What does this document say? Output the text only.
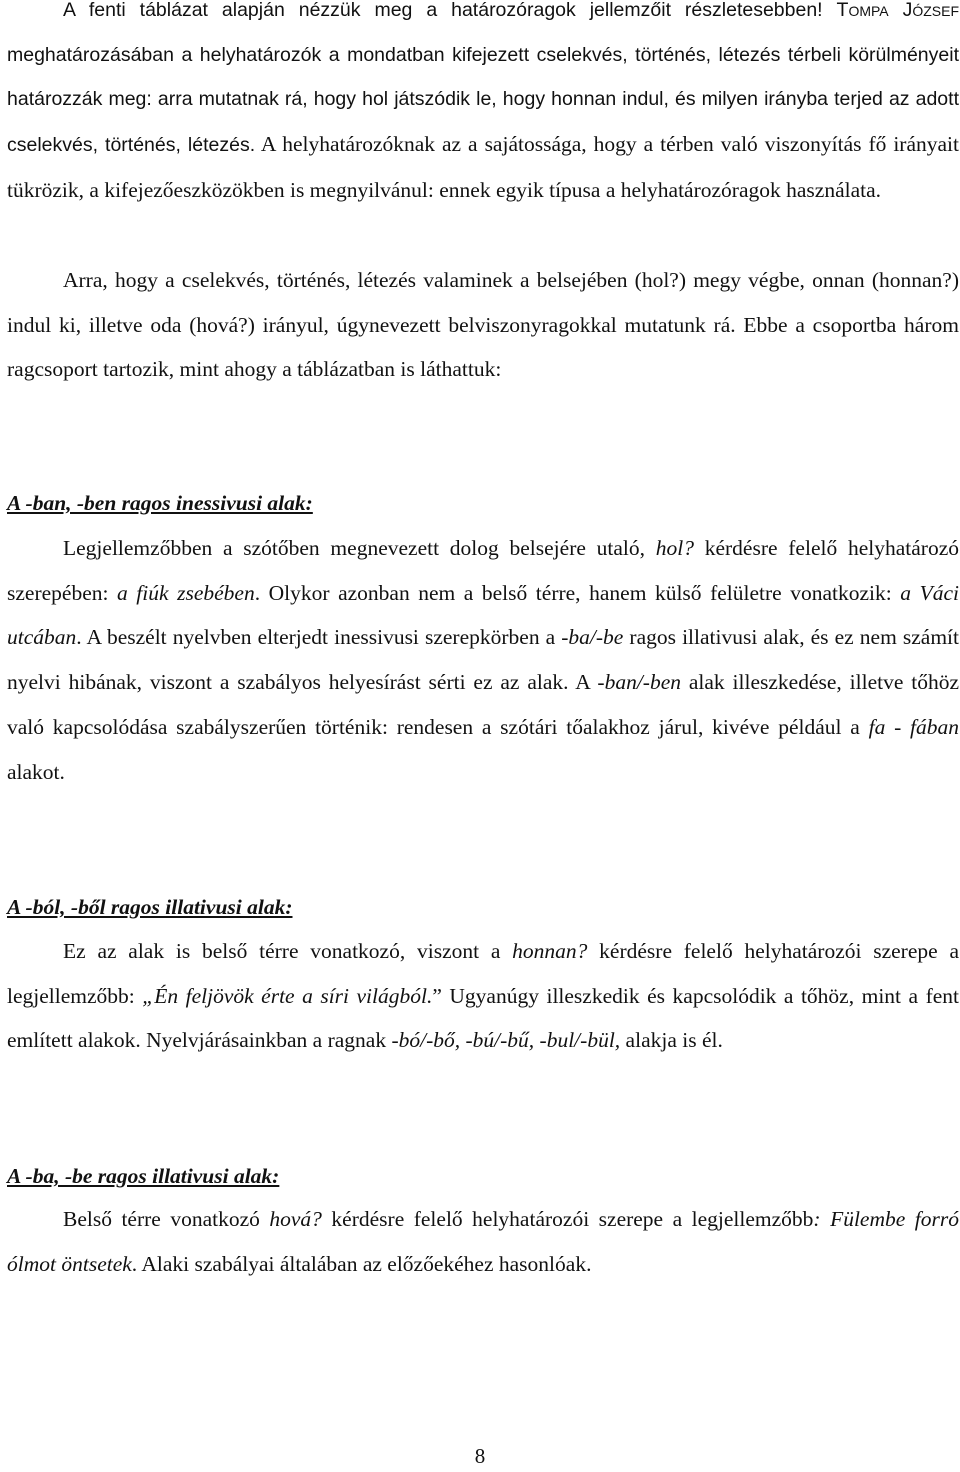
A fenti táblázat alapján nézzük meg a határozóragok jellemzőit részletesebben! Tompa József meghatározásában a helyhatározók a mondatban kifejezett cselekvés, történés, létezés térbeli körülményeit határozzák meg: arra mutatnak rá, hogy hol játszódik le, hogy honnan indul, és milyen irányba terjed az adott cselekvés, történés, létezés. A helyhatározóknak az a sajátossága, hogy a térben való viszonyítás fő irányait tükrözik, a kifejezőeszközökben is megnyilvánul: ennek egyik típusa a helyhatározóragok használata.

Arra, hogy a cselekvés, történés, létezés valaminek a belsejében (hol?) megy végbe, onnan (honnan?) indul ki, illetve oda (hová?) irányul, úgynevezett belviszonyragokkal mutatunk rá. Ebbe a csoportba három ragcsoport tartozik, mint ahogy a táblázatban is láthattuk:

A -ban, -ben ragos inessivusi alak:

Legjellemzőbben a szótőben megnevezett dolog belsejére utaló, hol? kérdésre felelő helyhatározó szerepében: a fiúk zsebében. Olykor azonban nem a belső térre, hanem külső felületre vonatkozik: a Váci utcában. A beszélt nyelvben elterjedt inessivusi szerepkörben a -ba/-be ragos illativusi alak, és ez nem számít nyelvi hibának, viszont a szabályos helyesírást sérti ez az alak. A -ban/-ben alak illeszkedése, illetve tőhöz való kapcsolódása szabályszerűen történik: rendesen a szótári tőalakhoz járul, kivéve például a fa - fában alakot.

A -ból, -ből ragos illativusi alak:

Ez az alak is belső térre vonatkozó, viszont a honnan? kérdésre felelő helyhatározói szerepe a legjellemzőbb: „Én feljövök érte a síri világból.” Ugyanúgy illeszkedik és kapcsolódik a tőhöz, mint a fent említett alakok. Nyelvjárásainkban a ragnak -bó/-bő, -bú/-bű, -bul/-bül, alakja is él.

A -ba, -be ragos illativusi alak:

Belső térre vonatkozó hová? kérdésre felelő helyhatározói szerepe a legjellemzőbb: Fülembe forró ólmot öntsetek. Alaki szabályai általában az előzőekéhez hasonlóak.

8
